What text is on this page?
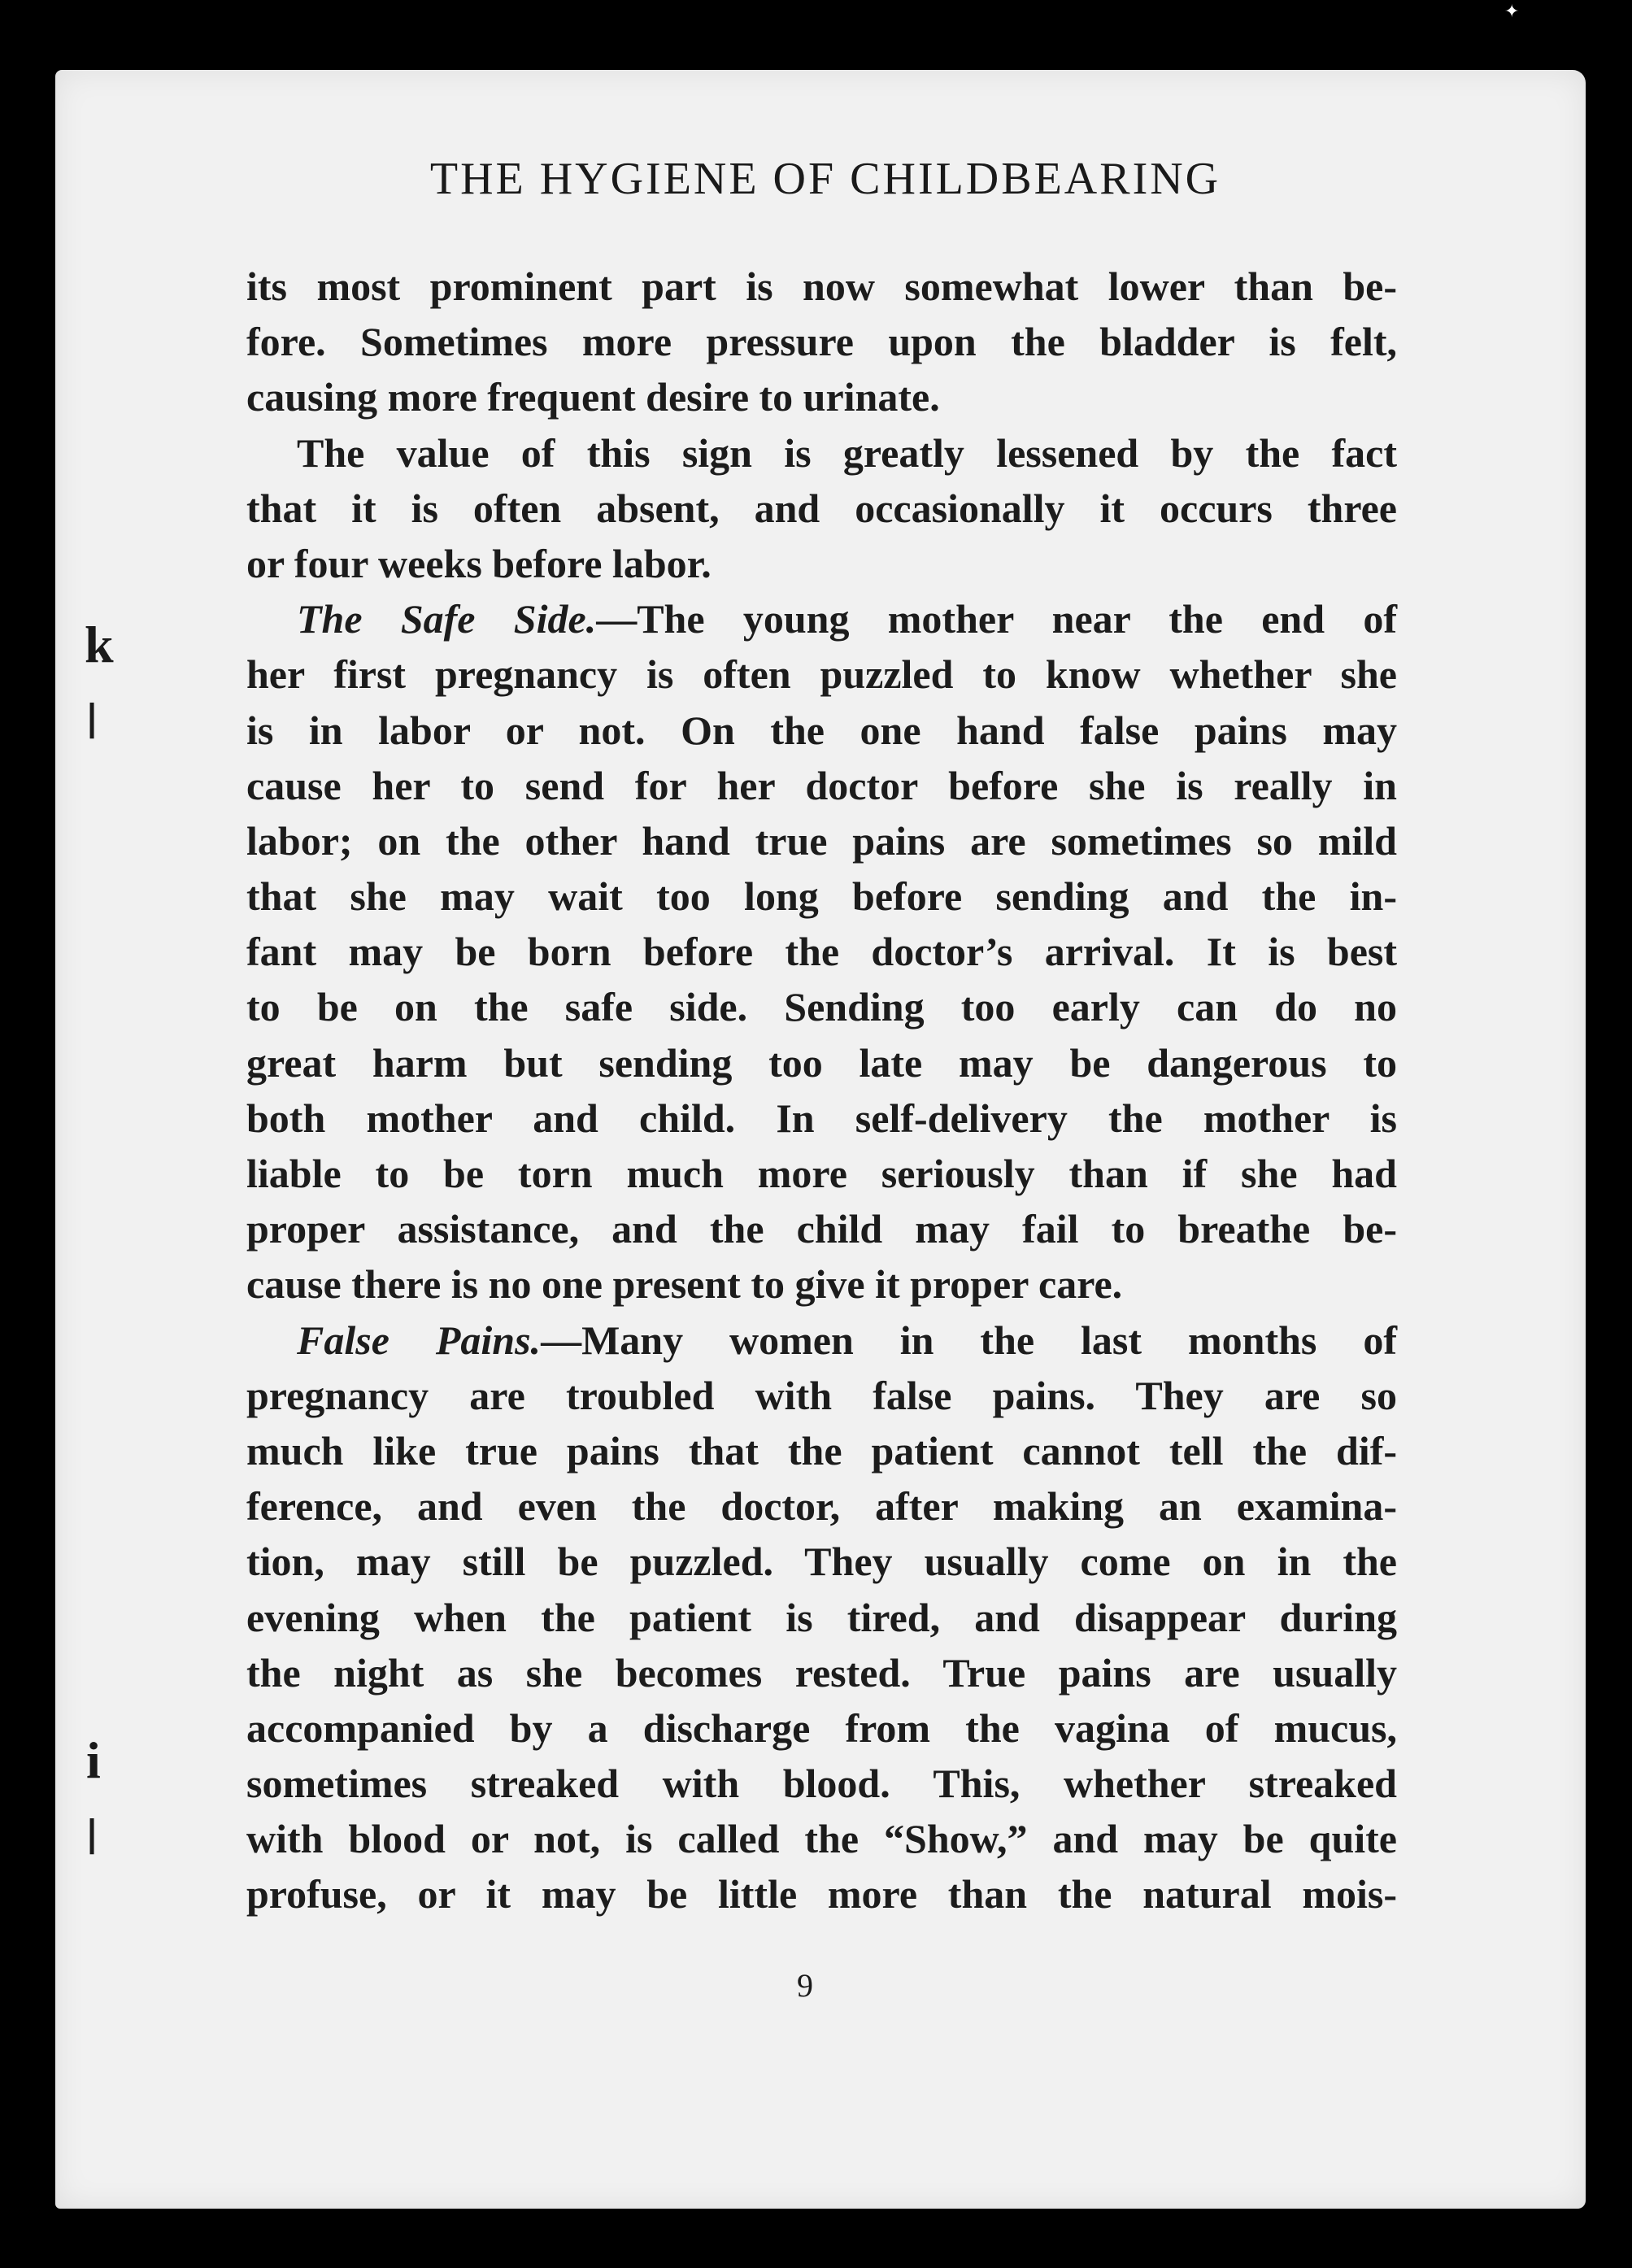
✦
THE HYGIENE OF CHILDBEARING
its most prominent part is now somewhat lower than be-
fore. Sometimes more pressure upon the bladder is felt,
causing more frequent desire to urinate.
The value of this sign is greatly lessened by the fact
that it is often absent, and occasionally it occurs three
or four weeks before labor.
The Safe Side.—The young mother near the end of
her first pregnancy is often puzzled to know whether she
is in labor or not. On the one hand false pains may
cause her to send for her doctor before she is really in
labor; on the other hand true pains are sometimes so mild
that she may wait too long before sending and the in-
fant may be born before the doctor’s arrival. It is best
to be on the safe side. Sending too early can do no
great harm but sending too late may be dangerous to
both mother and child. In self-delivery the mother is
liable to be torn much more seriously than if she had
proper assistance, and the child may fail to breathe be-
cause there is no one present to give it proper care.
False Pains.—Many women in the last months of
pregnancy are troubled with false pains. They are so
much like true pains that the patient cannot tell the dif-
ference, and even the doctor, after making an examina-
tion, may still be puzzled. They usually come on in the
evening when the patient is tired, and disappear during
the night as she becomes rested. True pains are usually
accompanied by a discharge from the vagina of mucus,
sometimes streaked with blood. This, whether streaked
with blood or not, is called the “Show,” and may be quite
profuse, or it may be little more than the natural mois-
k
ǀ
i
ǀ
9
